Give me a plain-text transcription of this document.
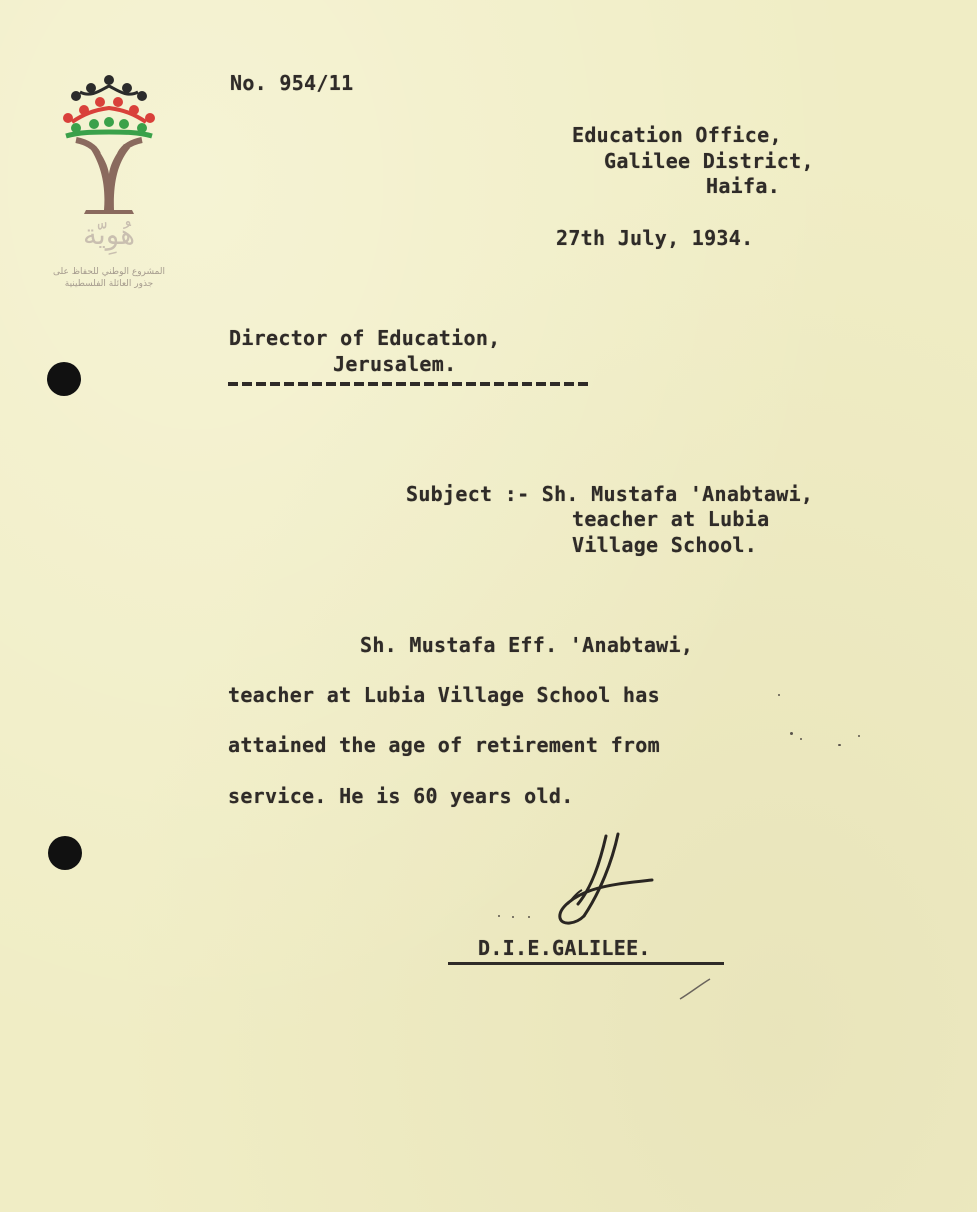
هُوِيّة
المشروع الوطني للحفاظ على
جذور العائلة الفلسطينية
No. 954/11
Education Office,
Galilee District,
Haifa.
27th July, 1934.
Director of Education,
Jerusalem.
Subject :- Sh. Mustafa 'Anabtawi,
teacher at Lubia
Village School.
Sh. Mustafa Eff. 'Anabtawi,
teacher at Lubia Village School has
attained the age of retirement from
service. He is 60 years old.
D.I.E.GALILEE.
